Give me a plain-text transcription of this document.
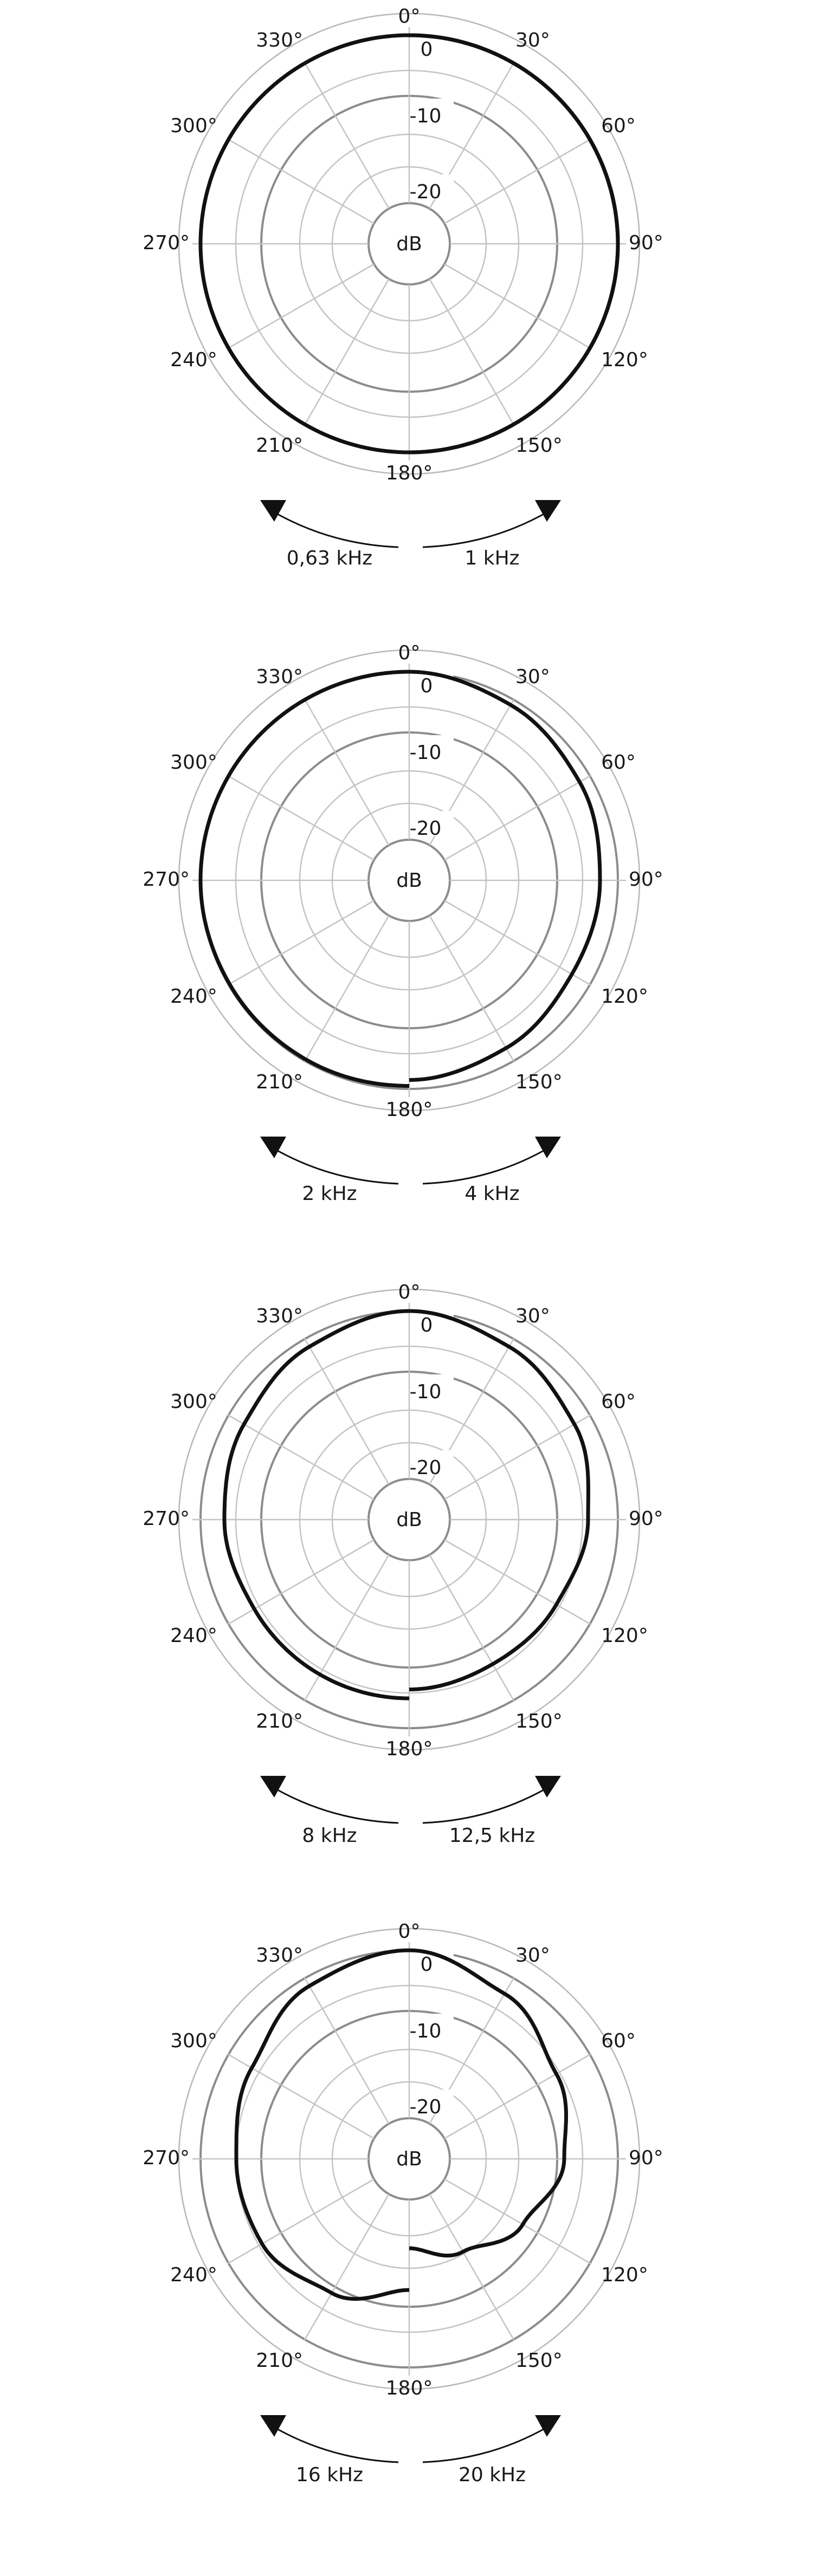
0
-10
-20
dB
0°
30°
60°
90°
120°
150°
180°
210°
240°
270°
300°
330°
0,63 kHz	1 kHz
0
-10
-20
dB
0°
30°
60°
90°
120°
150°
180°
210°
240°
270°
300°
330°
2 kHz	4 kHz
0
-10
-20
dB
0°
30°
60°
90°
120°
150°
180°
210°
240°
270°
300°
330°
8 kHz	12,5 kHz
0
-10
-20
dB
0°
30°
60°
90°
120°
150°
180°
210°
240°
270°
300°
330°
16 kHz	20 kHz
